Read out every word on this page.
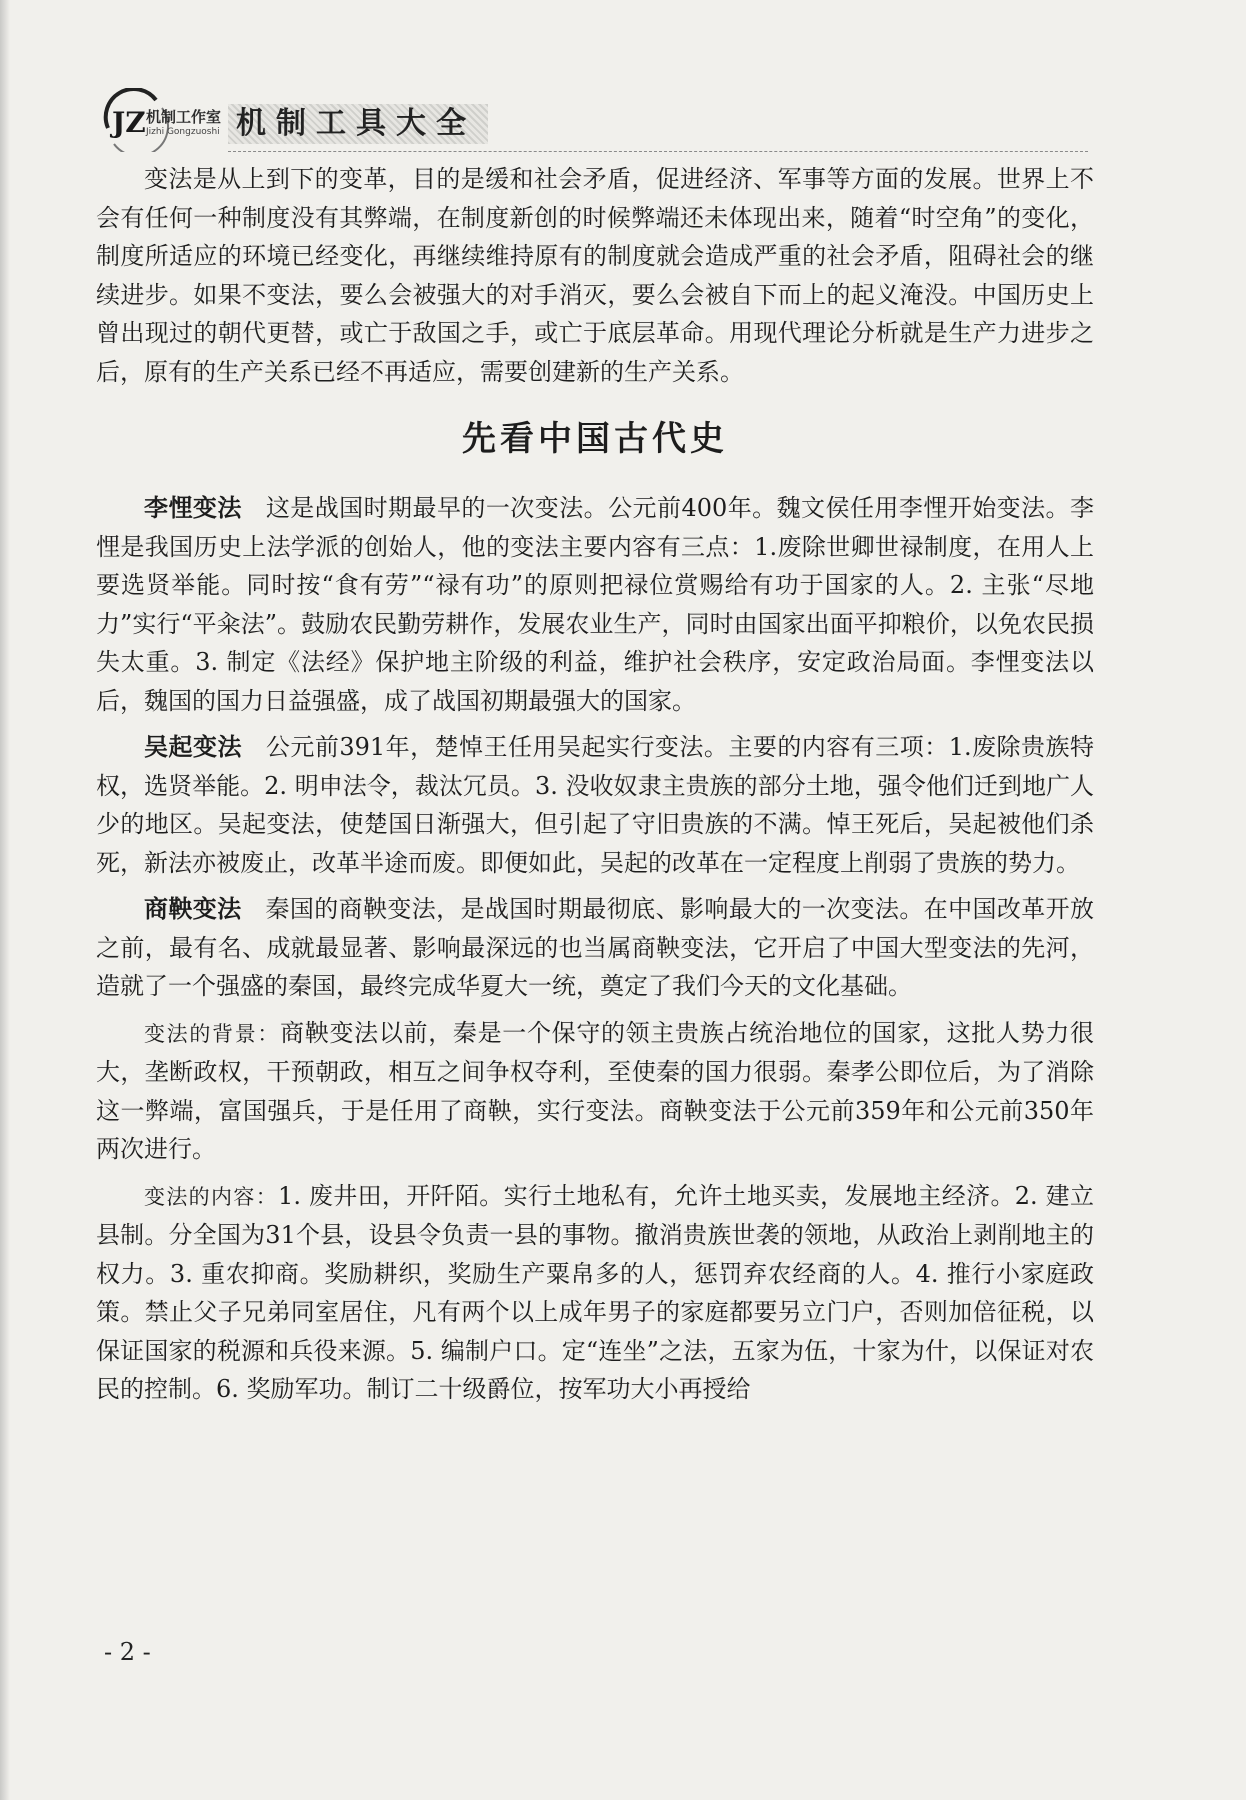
JZ 机制工作室
Jizhi Gongzuoshi 机制工具大全

变法是从上到下的变革，目的是缓和社会矛盾，促进经济、军事等方面的发展。世界上不会有任何一种制度没有其弊端，在制度新创的时候弊端还未体现出来，随着“时空角”的变化，制度所适应的环境已经变化，再继续维持原有的制度就会造成严重的社会矛盾，阻碍社会的继续进步。如果不变法，要么会被强大的对手消灭，要么会被自下而上的起义淹没。中国历史上曾出现过的朝代更替，或亡于敌国之手，或亡于底层革命。用现代理论分析就是生产力进步之后，原有的生产关系已经不再适应，需要创建新的生产关系。

先看中国古代史

李悝变法 这是战国时期最早的一次变法。公元前400年。魏文侯任用李悝开始变法。李悝是我国历史上法学派的创始人，他的变法主要内容有三点：1.废除世卿世禄制度，在用人上要选贤举能。同时按“食有劳”“禄有功”的原则把禄位赏赐给有功于国家的人。2. 主张“尽地力”实行“平籴法”。鼓励农民勤劳耕作，发展农业生产，同时由国家出面平抑粮价，以免农民损失太重。3. 制定《法经》保护地主阶级的利益，维护社会秩序，安定政治局面。李悝变法以后，魏国的国力日益强盛，成了战国初期最强大的国家。

吴起变法 公元前391年，楚悼王任用吴起实行变法。主要的内容有三项：1.废除贵族特权，选贤举能。2. 明申法令，裁汰冗员。3. 没收奴隶主贵族的部分土地，强令他们迁到地广人少的地区。吴起变法，使楚国日渐强大，但引起了守旧贵族的不满。悼王死后，吴起被他们杀死，新法亦被废止，改革半途而废。即便如此，吴起的改革在一定程度上削弱了贵族的势力。

商鞅变法 秦国的商鞅变法，是战国时期最彻底、影响最大的一次变法。在中国改革开放之前，最有名、成就最显著、影响最深远的也当属商鞅变法，它开启了中国大型变法的先河，造就了一个强盛的秦国，最终完成华夏大一统，奠定了我们今天的文化基础。

变法的背景：商鞅变法以前，秦是一个保守的领主贵族占统治地位的国家，这批人势力很大，垄断政权，干预朝政，相互之间争权夺利，至使秦的国力很弱。秦孝公即位后，为了消除这一弊端，富国强兵，于是任用了商鞅，实行变法。商鞅变法于公元前359年和公元前350年两次进行。

变法的内容：1. 废井田，开阡陌。实行土地私有，允许土地买卖，发展地主经济。2. 建立县制。分全国为31个县，设县令负责一县的事物。撤消贵族世袭的领地，从政治上剥削地主的权力。3. 重农抑商。奖励耕织，奖励生产粟帛多的人，惩罚弃农经商的人。4. 推行小家庭政策。禁止父子兄弟同室居住，凡有两个以上成年男子的家庭都要另立门户，否则加倍征税，以保证国家的税源和兵役来源。5. 编制户口。定“连坐”之法，五家为伍，十家为什，以保证对农民的控制。6. 奖励军功。制订二十级爵位，按军功大小再授给

- 2 -
